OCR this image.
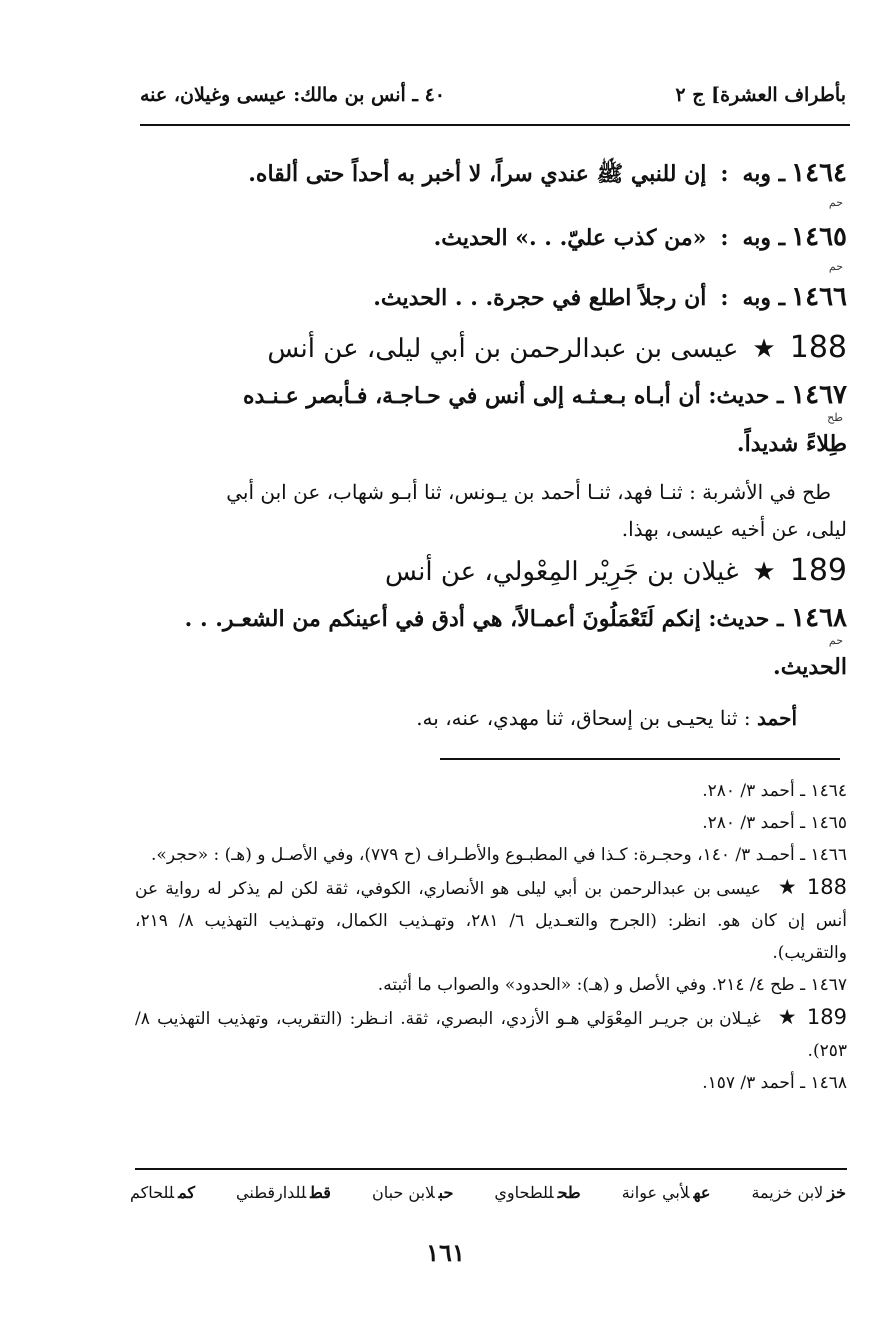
بأطراف العشرة] ج ٢
٤٠ ـ أنس بن مالك: عيسى وغيلان، عنه
١٤٦٤
ـ وبه
:
إن للنبي ﷺ عندي سراً، لا أخبر به أحداً حتى ألقاه.
حم
١٤٦٥
ـ وبه
:
«من كذب عليّ. . .» الحديث.
حم
١٤٦٦
ـ وبه
:
أن رجلاً اطلع في حجرة. . . الحديث.
188
★
عيسى بن عبدالرحمن بن أبي ليلى، عن أنس
١٤٦٧ ـ حديث: أن أبـاه بـعـثـه إلى أنس في حـاجـة، فـأبصر عـنـده
طح
طِلاءً شديداً.
طح في الأشربة : ثنـا فهد، ثنـا أحمد بن يـونس، ثنا أبـو شهاب، عن ابن أبي
ليلى، عن أخيه عيسى، بهذا.
189
★
غيلان بن جَرِيْر المِعْولي، عن أنس
١٤٦٨ ـ حديث: إنكم لَتَعْمَلُونَ أعمـالاً، هي أدق في أعينكم من الشعـر. . .
حم
الحديث.
أحمد : ثنا يحيـى بن إسحاق، ثنا مهدي، عنه، به.
١٤٦٤ ـ أحمد ٣/ ٢٨٠.
١٤٦٥ ـ أحمد ٣/ ٢٨٠.
١٤٦٦ ـ أحمـد ٣/ ١٤٠، وحجـرة: كـذا في المطبـوع والأطـراف (ح ٧٧٩)، وفي الأصـل و (هـ) : «حجر».
188 ★ عيسى بن عبدالرحمن بن أبي ليلى هو الأنصاري، الكوفي، ثقة لكن لم يذكر له رواية عن أنس إن كان هو. انظر: (الجرح والتعـديل ٦/ ٢٨١، وتهـذيب الكمال، وتهـذيب التهذيب ٨/ ٢١٩، والتقريب).
١٤٦٧ ـ طح ٤/ ٢١٤. وفي الأصل و (هـ): «الحدود» والصواب ما أثبته.
189 ★ غيـلان بن جريـر المِعْوَلي هـو الأزدي، البصري، ثقة. انـظر: (التقريب، وتهذيب التهذيب ٨/ ٢٥٣).
١٤٦٨ ـ أحمد ٣/ ١٥٧.
خزلابن خزيمة
عهلأبي عوانة
طحللطحاوي
حبلابن حبان
قطللدارقطني
كمللحاكم
١٦١
